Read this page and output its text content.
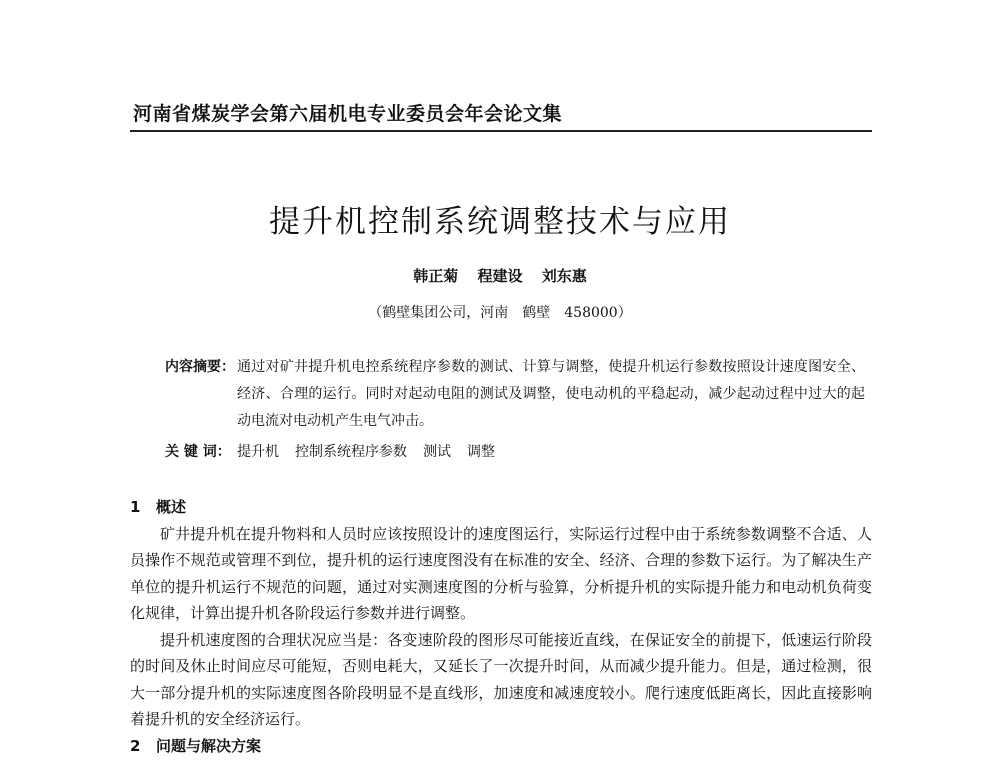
河南省煤炭学会第六届机电专业委员会年会论文集
提升机控制系统调整技术与应用
韩正菊 程建设 刘东惠
（鹤壁集团公司，河南　鹤壁　458000）
内容摘要： 通过对矿井提升机电控系统程序参数的测试、计算与调整，使提升机运行参数按照设计速度图安全、经济、合理的运行。同时对起动电阻的测试及调整，使电动机的平稳起动，减少起动过程中过大的起动电流对电动机产生电气冲击。
关 键 词： 提升机 控制系统程序参数 测试 调整
1 概述

矿井提升机在提升物料和人员时应该按照设计的速度图运行，实际运行过程中由于系统参数调整不合适、人员操作不规范或管理不到位，提升机的运行速度图没有在标准的安全、经济、合理的参数下运行。为了解决生产单位的提升机运行不规范的问题，通过对实测速度图的分析与验算，分析提升机的实际提升能力和电动机负荷变化规律，计算出提升机各阶段运行参数并进行调整。

提升机速度图的合理状况应当是：各变速阶段的图形尽可能接近直线，在保证安全的前提下，低速运行阶段的时间及休止时间应尽可能短，否则电耗大，又延长了一次提升时间，从而减少提升能力。但是，通过检测，很大一部分提升机的实际速度图各阶段明显不是直线形，加速度和减速度较小。爬行速度低距离长，因此直接影响着提升机的安全经济运行。

2 问题与解决方案
